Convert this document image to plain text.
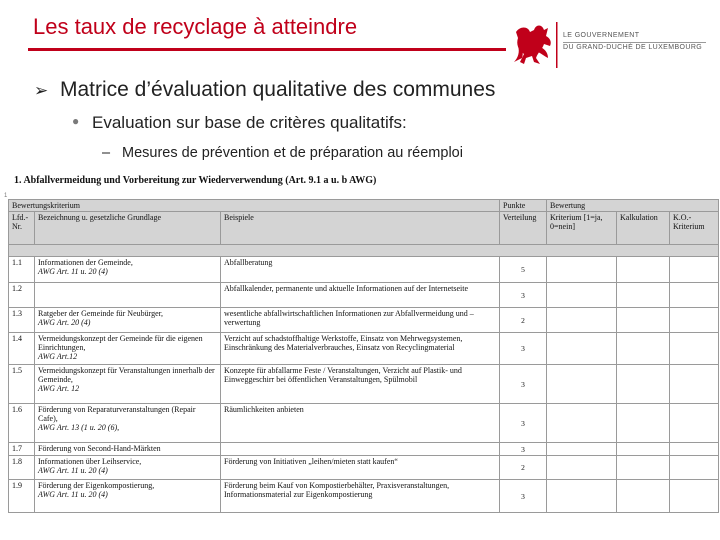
Les taux de recyclage à atteindre	LE GOUVERNEMENT
DU GRAND-DUCHÉ DE LUXEMBOURG
➢ Matrice d’évaluation qualitative des communes
● Evaluation sur base de critères qualitatifs:
– Mesures de prévention et de préparation au réemploi
1. Abfallvermeidung und Vorbereitung zur Wiederverwendung (Art. 9.1 a u. b AWG)
1
Bewertungskriterium			Punkte	Bewertung		
Lfd.-Nr.	Bezeichnung u. gesetzliche Grundlage	Beispiele	Verteilung	Kriterium [1=ja, 0=nein]	Kalkulation	K.O.-Kriterium

1.1	Informationen der Gemeinde,
AWG Art. 11 u. 20 (4)	Abfallberatung	5			
1.2		Abfallkalender, permanente und aktuelle Informationen auf der Internetseite	3			
1.3	Ratgeber der Gemeinde für Neubürger,
AWG Art. 20 (4)	wesentliche abfallwirtschaftlichen Informationen zur Abfallvermeidung und –verwertung	2			
1.4	Vermeidungskonzept der Gemeinde für die eigenen Einrichtungen,
AWG Art.12	Verzicht auf schadstoffhaltige Werkstoffe, Einsatz von Mehrwegsystemen, Einschränkung des Materialverbrauches, Einsatz von Recyclingmaterial	3			
1.5	Vermeidungskonzept für Veranstaltungen innerhalb der Gemeinde,
AWG Art. 12	Konzepte für abfallarme Feste / Veranstaltungen, Verzicht auf Plastik- und Einweggeschirr bei öffentlichen Veranstaltungen, Spülmobil	3			
1.6	Förderung von Reparaturveranstaltungen (Repair Cafe),
AWG Art. 13 (1 u. 20 (6),	Räumlichkeiten anbieten	3			
1.7	Förderung von Second-Hand-Märkten		3			
1.8	Informationen über Leihservice,
AWG Art. 11 u. 20 (4)	Förderung von Initiativen „leihen/mieten statt kaufen“	2			
1.9	Förderung der Eigenkompostierung,
AWG Art. 11 u. 20 (4)	Förderung beim Kauf von Kompostierbehälter, Praxisveranstaltungen, Informationsmaterial zur Eigenkompostierung	3			
